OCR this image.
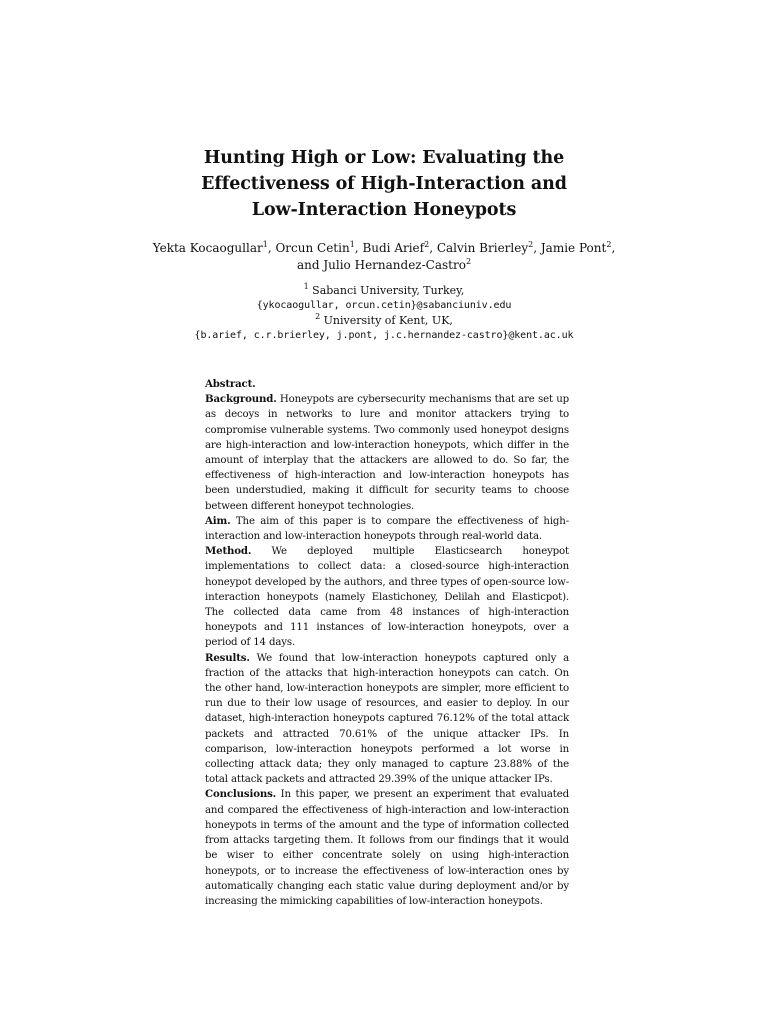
Hunting High or Low: Evaluating the
Effectiveness of High-Interaction and
Low-Interaction Honeypots
Yekta Kocaogullar$^1$, Orcun Cetin$^1$, Budi Arief$^2$, Calvin Brierley$^2$, Jamie Pont$^2$,
and Julio Hernandez-Castro$^2$
$^1$ Sabanci University, Turkey,
{ykocaogullar, orcun.cetin}@sabanciuniv.edu
$^2$ University of Kent, UK,
{b.arief, c.r.brierley, j.pont, j.c.hernandez-castro}@kent.ac.uk
Abstract.

Background. Honeypots are cybersecurity mechanisms that are set up as decoys in networks to lure and monitor attackers trying to compromise vulnerable systems. Two commonly used honeypot designs are high-interaction and low-interaction honeypots, which differ in the amount of interplay that the attackers are allowed to do. So far, the effectiveness of high-interaction and low-interaction honeypots has been understudied, making it difficult for security teams to choose between different honeypot technologies.

Aim. The aim of this paper is to compare the effectiveness of high-interaction and low-interaction honeypots through real-world data.

Method. We deployed multiple Elasticsearch honeypot implementations to collect data: a closed-source high-interaction honeypot developed by the authors, and three types of open-source low-interaction honeypots (namely Elastichoney, Delilah and Elasticpot). The collected data came from 48 instances of high-interaction honeypots and 111 instances of low-interaction honeypots, over a period of 14 days.

Results. We found that low-interaction honeypots captured only a fraction of the attacks that high-interaction honeypots can catch. On the other hand, low-interaction honeypots are simpler, more efficient to run due to their low usage of resources, and easier to deploy. In our dataset, high-interaction honeypots captured 76.12% of the total attack packets and attracted 70.61% of the unique attacker IPs. In comparison, low-interaction honeypots performed a lot worse in collecting attack data; they only managed to capture 23.88% of the total attack packets and attracted 29.39% of the unique attacker IPs.

Conclusions. In this paper, we present an experiment that evaluated and compared the effectiveness of high-interaction and low-interaction honeypots in terms of the amount and the type of information collected from attacks targeting them. It follows from our findings that it would be wiser to either concentrate solely on using high-interaction honeypots, or to increase the effectiveness of low-interaction ones by automatically changing each static value during deployment and/or by increasing the mimicking capabilities of low-interaction honeypots.
